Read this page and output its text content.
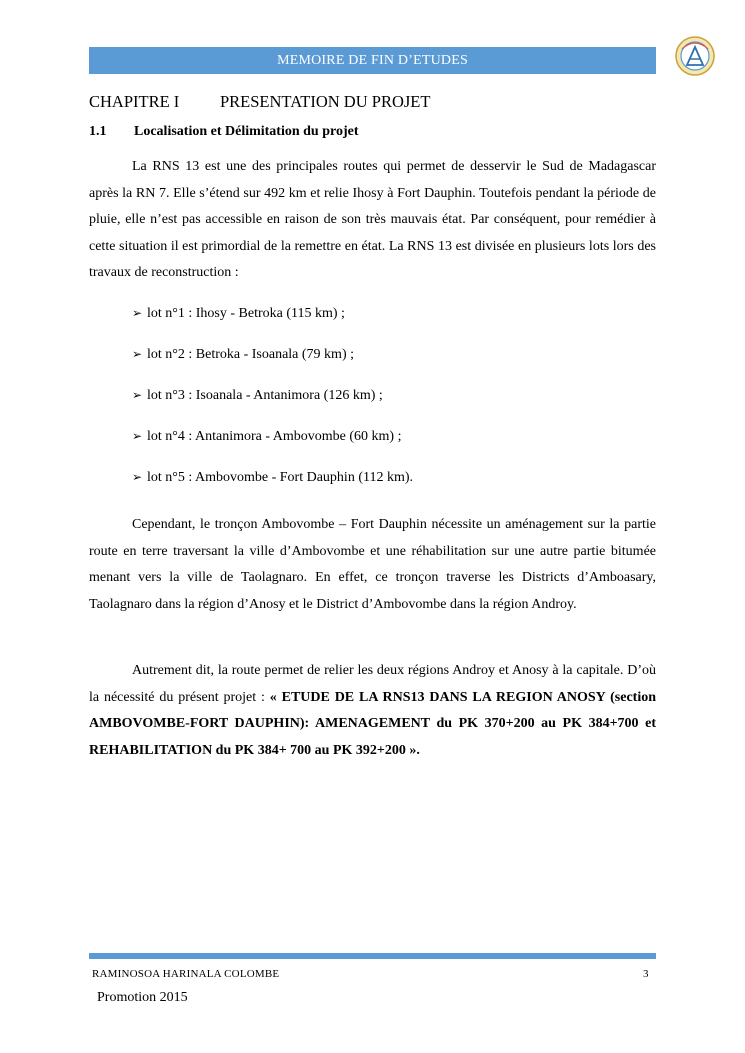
MEMOIRE DE FIN D’ETUDES
CHAPITRE I PRESENTATION DU PROJET
1.1 Localisation et Délimitation du projet
La RNS 13 est une des principales routes qui permet de desservir le Sud de Madagascar après la RN 7. Elle s’étend sur 492 km et relie Ihosy à Fort Dauphin. Toutefois pendant la période de pluie, elle n’est pas accessible en raison de son très mauvais état. Par conséquent, pour remédier à cette situation il est primordial de la remettre en état. La RNS 13 est divisée en plusieurs lots lors des travaux de reconstruction :
➢ lot n°1 : Ihosy - Betroka (115 km) ;
➢ lot n°2 : Betroka - Isoanala (79 km) ;
➢ lot n°3 : Isoanala - Antanimora (126 km) ;
➢ lot n°4 : Antanimora - Ambovombe (60 km) ;
➢ lot n°5 : Ambovombe - Fort Dauphin (112 km).
Cependant, le tronçon Ambovombe – Fort Dauphin nécessite un aménagement sur la partie route en terre traversant la ville d’Ambovombe et une réhabilitation sur une autre partie bitumée menant vers la ville de Taolagnaro. En effet, ce tronçon traverse les Districts d’Amboasary, Taolagnaro dans la région d’Anosy et le District d’Ambovombe dans la région Androy.
Autrement dit, la route permet de relier les deux régions Androy et Anosy à la capitale. D’où la nécessité du présent projet : « ETUDE DE LA RNS13 DANS LA REGION ANOSY (section AMBOVOMBE-FORT DAUPHIN): AMENAGEMENT du PK 370+200 au PK 384+700 et REHABILITATION du PK 384+ 700 au PK 392+200 ».
RAMINOSOA HARINALA COLOMBE	3
Promotion 2015
